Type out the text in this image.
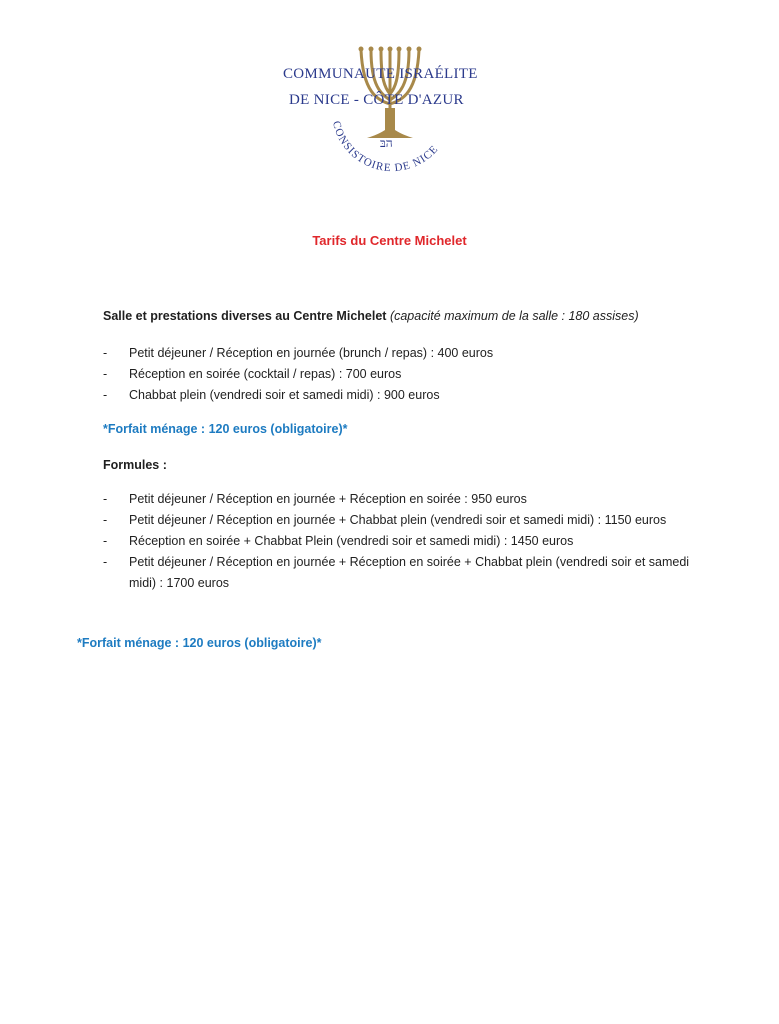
COMMUNAUTE ISRAÉLITE
DE NICE - CÔTE D'AZUR
בּ‎ה
CONSISTOIRE DE NICE
Tarifs du Centre Michelet
Salle et prestations diverses au Centre Michelet (capacité maximum de la salle : 180 assises)
- Petit déjeuner / Réception en journée (brunch / repas) : 400 euros
- Réception en soirée (cocktail / repas) : 700 euros
- Chabbat plein (vendredi soir et samedi midi) : 900 euros
*Forfait ménage : 120 euros (obligatoire)*
Formules :
- Petit déjeuner / Réception en journée + Réception en soirée : 950 euros
- Petit déjeuner / Réception en journée + Chabbat plein (vendredi soir et samedi midi) : 1150 euros
- Réception en soirée + Chabbat Plein (vendredi soir et samedi midi) : 1450 euros
- Petit déjeuner / Réception en journée + Réception en soirée + Chabbat plein (vendredi soir et samedi midi) : 1700 euros
*Forfait ménage : 120 euros (obligatoire)*
